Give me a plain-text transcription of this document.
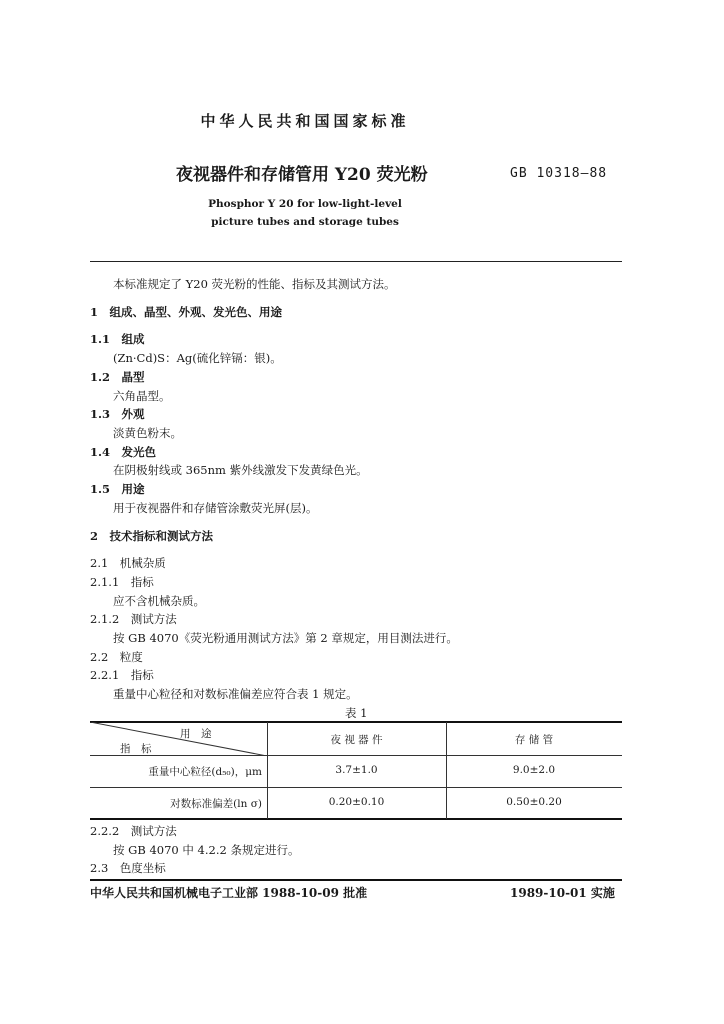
中华人民共和国国家标准
夜视器件和存储管用 Y20 荧光粉	GB 10318—88
Phosphor Y 20 for low-light-level
picture tubes and storage tubes
本标准规定了 Y20 荧光粉的性能、指标及其测试方法。
1　组成、晶型、外观、发光色、用途
1.1　组成
(Zn·Cd)S：Ag(硫化锌镉：银)。
1.2　晶型
六角晶型。
1.3　外观
淡黄色粉末。
1.4　发光色
在阴极射线或 365nm 紫外线激发下发黄绿色光。
1.5　用途
用于夜视器件和存储管涂敷荧光屏(层)。
2　技术指标和测试方法
2.1　机械杂质
2.1.1　指标
应不含机械杂质。
2.1.2　测试方法
按 GB 4070《荧光粉通用测试方法》第 2 章规定，用目测法进行。
2.2　粒度
2.2.1　指标
重量中心粒径和对数标准偏差应符合表 1 规定。
表 1
用　途
指　标
夜 视 器 件	存 储 管
重量中心粒径(d₅₀)，μm	3.7±1.0	9.0±2.0
对数标准偏差(ln σ)	0.20±0.10	0.50±0.20
2.2.2　测试方法
按 GB 4070 中 4.2.2 条规定进行。
2.3　色度坐标
中华人民共和国机械电子工业部 1988-10-09 批准	1989-10-01 实施
